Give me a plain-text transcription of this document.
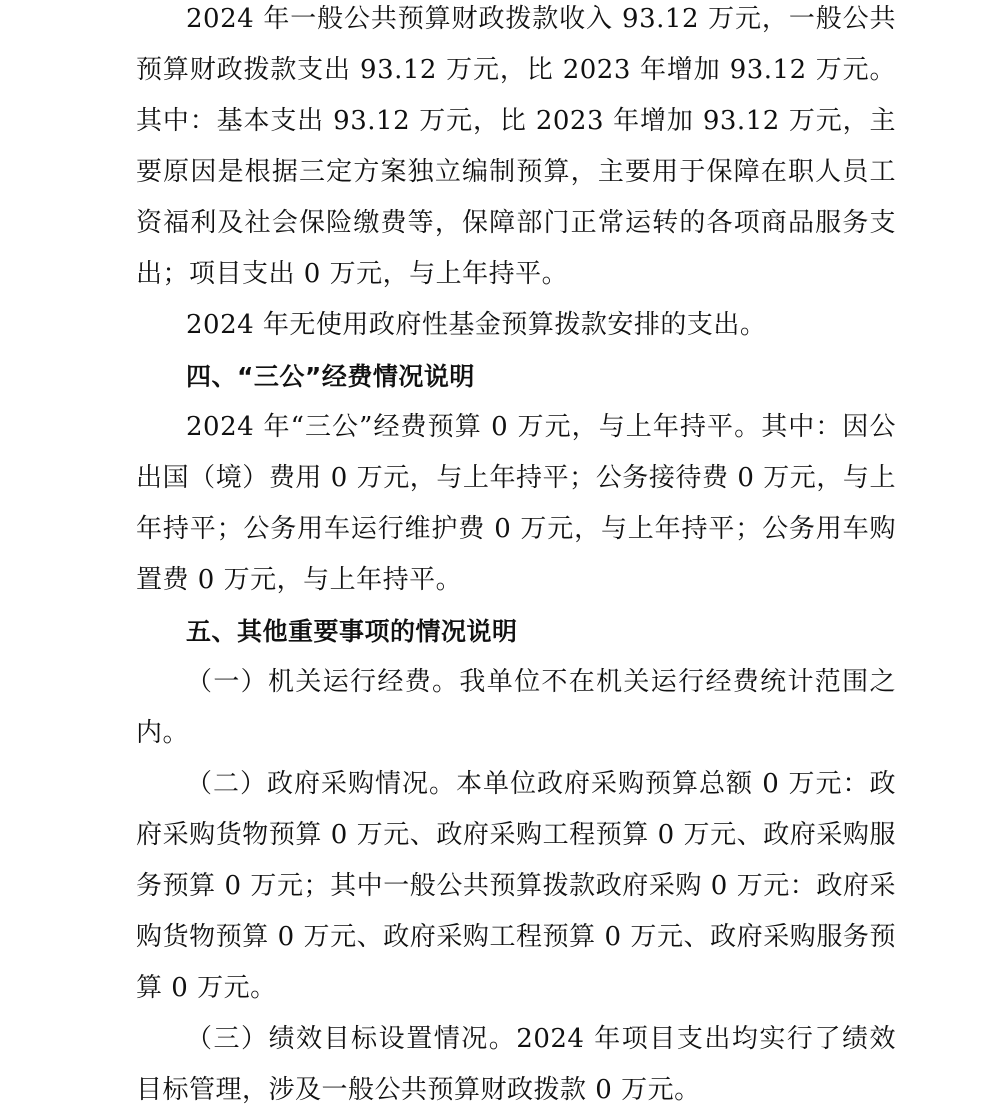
2024 年一般公共预算财政拨款收入 93.12 万元，一般公共预算财政拨款支出 93.12 万元，比 2023 年增加 93.12 万元。其中：基本支出 93.12 万元，比 2023 年增加 93.12 万元，主要原因是根据三定方案独立编制预算，主要用于保障在职人员工资福利及社会保险缴费等，保障部门正常运转的各项商品服务支出；项目支出 0 万元，与上年持平。

2024 年无使用政府性基金预算拨款安排的支出。

四、“三公”经费情况说明

2024 年“三公”经费预算 0 万元，与上年持平。其中：因公出国（境）费用 0 万元，与上年持平；公务接待费 0 万元，与上年持平；公务用车运行维护费 0 万元，与上年持平；公务用车购置费 0 万元，与上年持平。

五、其他重要事项的情况说明

（一）机关运行经费。我单位不在机关运行经费统计范围之内。

（二）政府采购情况。本单位政府采购预算总额 0 万元：政府采购货物预算 0 万元、政府采购工程预算 0 万元、政府采购服务预算 0 万元；其中一般公共预算拨款政府采购 0 万元：政府采购货物预算 0 万元、政府采购工程预算 0 万元、政府采购服务预算 0 万元。

（三）绩效目标设置情况。2024 年项目支出均实行了绩效目标管理，涉及一般公共预算财政拨款 0 万元。
